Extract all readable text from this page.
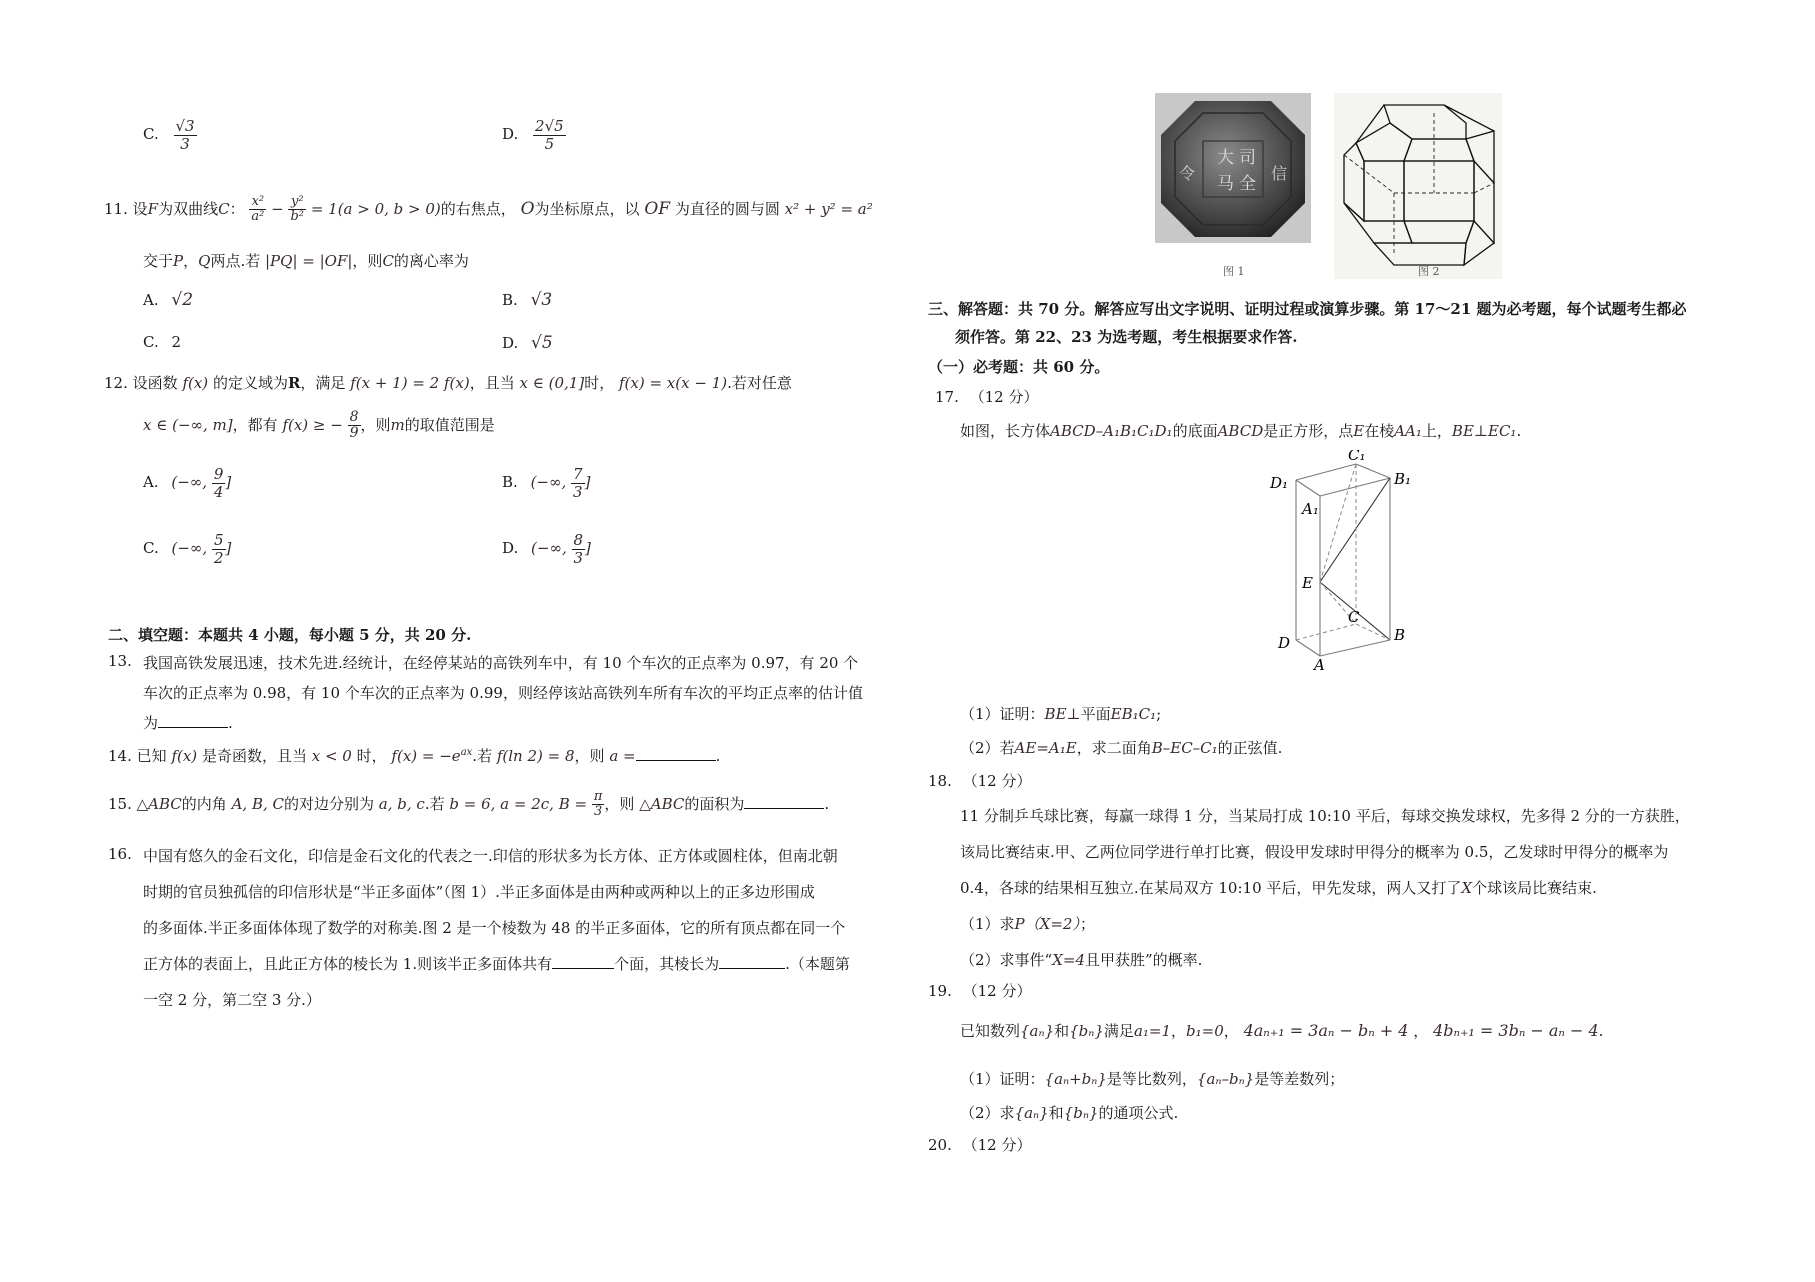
C. $\frac{√3}{3}$	D. $\frac{2√5}{5}$
11. 设F为双曲线C： $\frac{\text{x²}}{\text{a²}} - \frac{\text{y²}}{\text{b²}} = 1(a > 0$, b > 0)的右焦点， O为坐标原点，以 OF 为直径的圆与圆 x² + y² = a²
交于P，Q两点.若 |PQ| = |OF|，则C的离心率为
A. √2	B. √3
C. 2	D. √5
12. 设函数 f(x) 的定义域为R，满足 f(x + 1) = 2 f(x)，且当 x ∈ (0,1]时， f(x) = x(x − 1).若对任意
x ∈ (−∞, m]，都有 f(x) ≥ − $\frac{8}{9}$ ，则m的取值范围是
A. (−∞, $\frac{9}{4}$ ]	B. (−∞, $\frac{7}{3}$ ]
C. (−∞, $\frac{5}{2}$ ]	D. (−∞, $\frac{8}{3}$ ]
二、填空题：本题共 4 小题，每小题 5 分，共 20 分.
13. 我国高铁发展迅速，技术先进.经统计，在经停某站的高铁列车中，有 10 个车次的正点率为 0.97，有 20 个
车次的正点率为 0.98，有 10 个车次的正点率为 0.99，则经停该站高铁列车所有车次的平均正点率的估计值
为	.
14. 已知 f(x) 是奇函数，且当 x < 0 时， $f(x) = -e^{ax}$.若 f(ln 2) = 8，则 a =	.
15. △ABC的内角 A, B, C的对边分别为 a, b, c.若 b = 6, a = 2c, $B = \frac{\pi}{3}$ ，则 △ABC的面积为	.
16. 中国有悠久的金石文化，印信是金石文化的代表之一.印信的形状多为长方体、正方体或圆柱体，但南北朝
时期的官员独孤信的印信形状是“半正多面体”（图 1）.半正多面体是由两种或两种以上的正多边形围成
的多面体.半正多面体体现了数学的对称美.图 2 是一个棱数为 48 的半正多面体，它的所有顶点都在同一个
正方体的表面上，且此正方体的棱长为 1.则该半正多面体共有	个面，其棱长为	.（本题第
一空 2 分，第二空 3 分.）
大 司
马 全
信
令
图 1	图 2
三、解答题：共 70 分。解答应写出文字说明、证明过程或演算步骤。第 17～21 题为必考题，每个试题考生都必
须作答。第 22、23 为选考题，考生根据要求作答.
（一）必考题：共 60 分。
17. （12 分）
如图，长方体ABCD–A₁B₁C₁D₁的底面ABCD是正方形，点E在棱AA₁上，BE⊥EC₁.
D₁
C₁
B₁
A₁
E
D
C
B
A
（1）证明：BE⊥平面EB₁C₁;
（2）若AE=A₁E，求二面角B–EC–C₁的正弦值.
18. （12 分）
11 分制乒乓球比赛，每赢一球得 1 分，当某局打成 10:10 平后，每球交换发球权，先多得 2 分的一方获胜，
该局比赛结束.甲、乙两位同学进行单打比赛，假设甲发球时甲得分的概率为 0.5，乙发球时甲得分的概率为
0.4，各球的结果相互独立.在某局双方 10:10 平后，甲先发球，两人又打了X个球该局比赛结束.
（1）求P（X=2）；
（2）求事件“X=4且甲获胜”的概率.
19. （12 分）
已知数列{aₙ}和{bₙ}满足a₁=1，b₁=0， 4aₙ₊₁ = 3aₙ − bₙ + 4 ， 4bₙ₊₁ = 3bₙ − aₙ − 4.
（1）证明：{aₙ+bₙ}是等比数列，{aₙ–bₙ}是等差数列；
（2）求{aₙ}和{bₙ}的通项公式.
20. （12 分）
